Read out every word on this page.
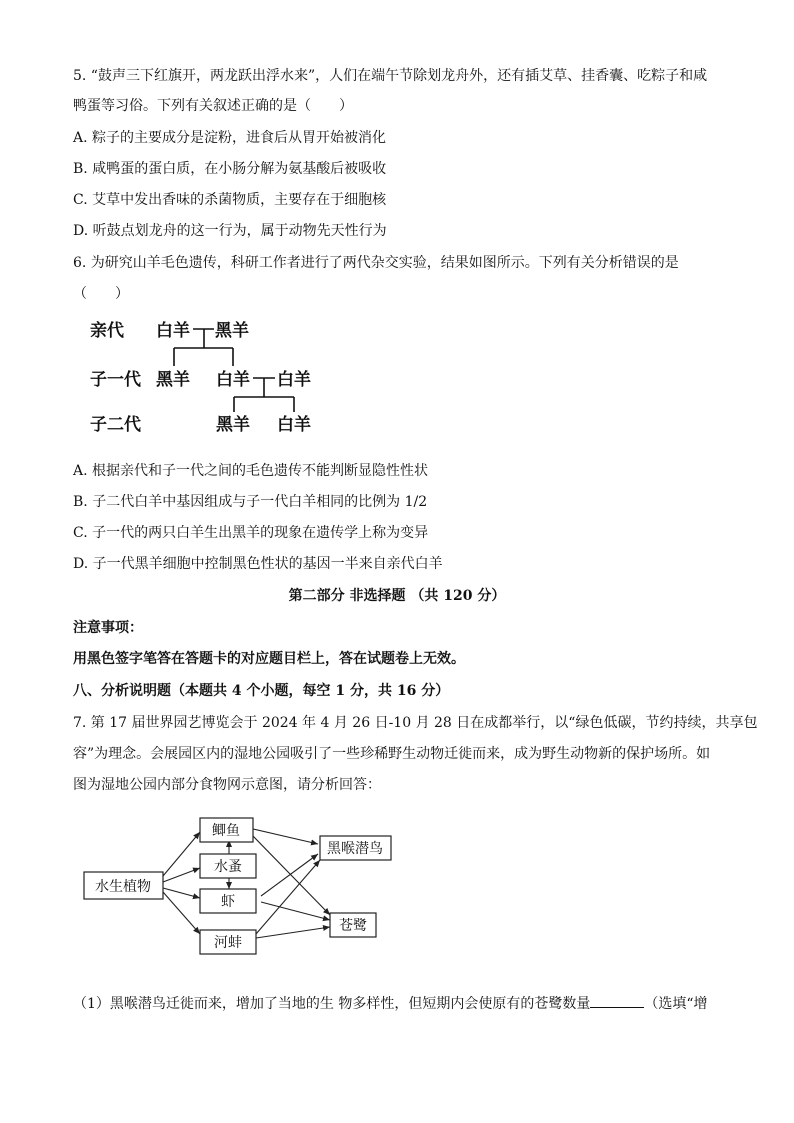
5. “鼓声三下红旗开，两龙跃出浮水来”，人们在端午节除划龙舟外，还有插艾草、挂香囊、吃粽子和咸
鸭蛋等习俗。下列有关叙述正确的是（　　）
A. 粽子的主要成分是淀粉，进食后从胃开始被消化
B. 咸鸭蛋的蛋白质，在小肠分解为氨基酸后被吸收
C. 艾草中发出香味的杀菌物质，主要存在于细胞核
D. 听鼓点划龙舟的这一行为，属于动物先天性行为
6. 为研究山羊毛色遗传，科研工作者进行了两代杂交实验，结果如图所示。下列有关分析错误的是
（　　）
亲代
子一代
子二代
白羊 黑羊
黑羊 白羊 白羊
黑羊 白羊
A. 根据亲代和子一代之间的毛色遗传不能判断显隐性性状
B. 子二代白羊中基因组成与子一代白羊相同的比例为 1/2
C. 子一代的两只白羊生出黑羊的现象在遗传学上称为变异
D. 子一代黑羊细胞中控制黑色性状的基因一半来自亲代白羊
第二部分 非选择题 （共 120 分）
注意事项：
用黑色签字笔答在答题卡的对应题目栏上，答在试题卷上无效。
八、分析说明题（本题共 4 个小题，每空 1 分，共 16 分）
7. 第 17 届世界园艺博览会于 2024 年 4 月 26 日-10 月 28 日在成都举行，以“绿色低碳，节约持续，共享包
容”为理念。会展园区内的湿地公园吸引了一些珍稀野生动物迁徙而来，成为野生动物新的保护场所。如
图为湿地公园内部分食物网示意图，请分析回答：
水生植物
鲫鱼
水蚤
虾
河蚌
黑喉潜鸟
苍鹭
（1）黑喉潜鸟迁徙而来，增加了当地的生 物多样性，但短期内会使原有的苍鹭数量	（选填“增
